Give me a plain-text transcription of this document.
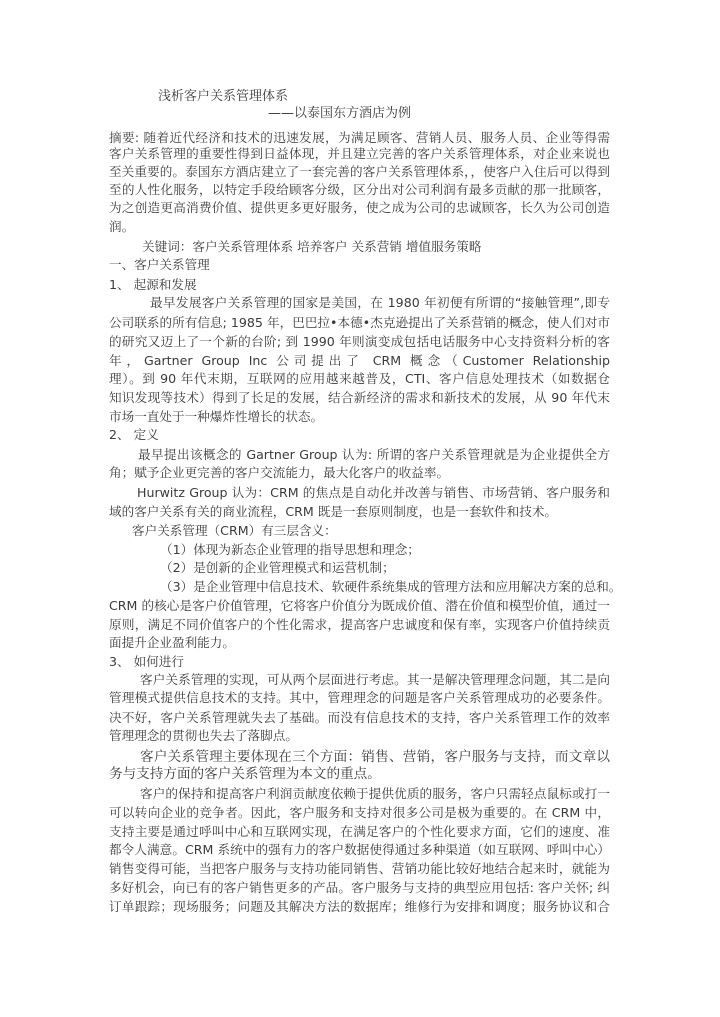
浅析客户关系管理体系
——以泰国东方酒店为例
摘要: 随着近代经济和技术的迅速发展，为满足顾客、营销人员、服务人员、企业等得需
客户关系管理的重要性得到日益体现，并且建立完善的客户关系管理体系，对企业来说也
至关重要的。泰国东方酒店建立了一套完善的客户关系管理体系，，使客户入住后可以得到
至的人性化服务，以特定手段给顾客分级，区分出对公司利润有最多贡献的那一批顾客，
为之创造更高消费价值、提供更多更好服务，使之成为公司的忠诚顾客，长久为公司创造
润。
关键词：客户关系管理体系 培养客户 关系营销 增值服务策略
一、客户关系管理
1、 起源和发展
最早发展客户关系管理的国家是美国，在 1980 年初便有所谓的“接触管理”,即专
公司联系的所有信息; 1985 年，巴巴拉•本德•杰克逊提出了关系营销的概念，使人们对市
的研究又迈上了一个新的台阶; 到 1990 年则演变成包括电话服务中心支持资料分析的客
年，Gartner Group Inc 公司提出了 CRM 概念（Customer Relationship
理）。到 90 年代末期，互联网的应用越来越普及，CTI、客户信息处理技术（如数据仓
知识发现等技术）得到了长足的发展，结合新经济的需求和新技术的发展，从 90 年代末
市场一直处于一种爆炸性增长的状态。
2、 定义
最早提出该概念的 Gartner Group 认为: 所谓的客户关系管理就是为企业提供全方
角；赋予企业更完善的客户交流能力，最大化客户的收益率。
Hurwitz Group 认为：CRM 的焦点是自动化并改善与销售、市场营销、客户服务和
域的客户关系有关的商业流程，CRM 既是一套原则制度，也是一套软件和技术。
客户关系管理（CRM）有三层含义：
（1）体现为新态企业管理的指导思想和理念；
（2）是创新的企业管理模式和运营机制；
（3）是企业管理中信息技术、软硬件系统集成的管理方法和应用解决方案的总和。
CRM 的核心是客户价值管理，它将客户价值分为既成价值、潜在价值和模型价值，通过一
原则，满足不同价值客户的个性化需求，提高客户忠诚度和保有率，实现客户价值持续贡
面提升企业盈利能力。
3、 如何进行
客户关系管理的实现，可从两个层面进行考虑。其一是解决管理理念问题，其二是向
管理模式提供信息技术的支持。其中，管理理念的问题是客户关系管理成功的必要条件。
决不好，客户关系管理就失去了基础。而没有信息技术的支持，客户关系管理工作的效率
管理理念的贯彻也失去了落脚点。
客户关系管理主要体现在三个方面：销售、营销，客户服务与支持，而文章以
务与支持方面的客户关系管理为本文的重点。
客户的保持和提高客户利润贡献度依赖于提供优质的服务，客户只需轻点鼠标或打一
可以转向企业的竞争者。因此，客户服务和支持对很多公司是极为重要的。在 CRM 中，
支持主要是通过呼叫中心和互联网实现，在满足客户的个性化要求方面，它们的速度、准
都令人满意。CRM 系统中的强有力的客户数据使得通过多种渠道（如互联网、呼叫中心）
销售变得可能，当把客户服务与支持功能同销售、营销功能比较好地结合起来时，就能为
多好机会，向已有的客户销售更多的产品。客户服务与支持的典型应用包括: 客户关怀; 纠
订单跟踪；现场服务；问题及其解决方法的数据库；维修行为安排和调度；服务协议和合
